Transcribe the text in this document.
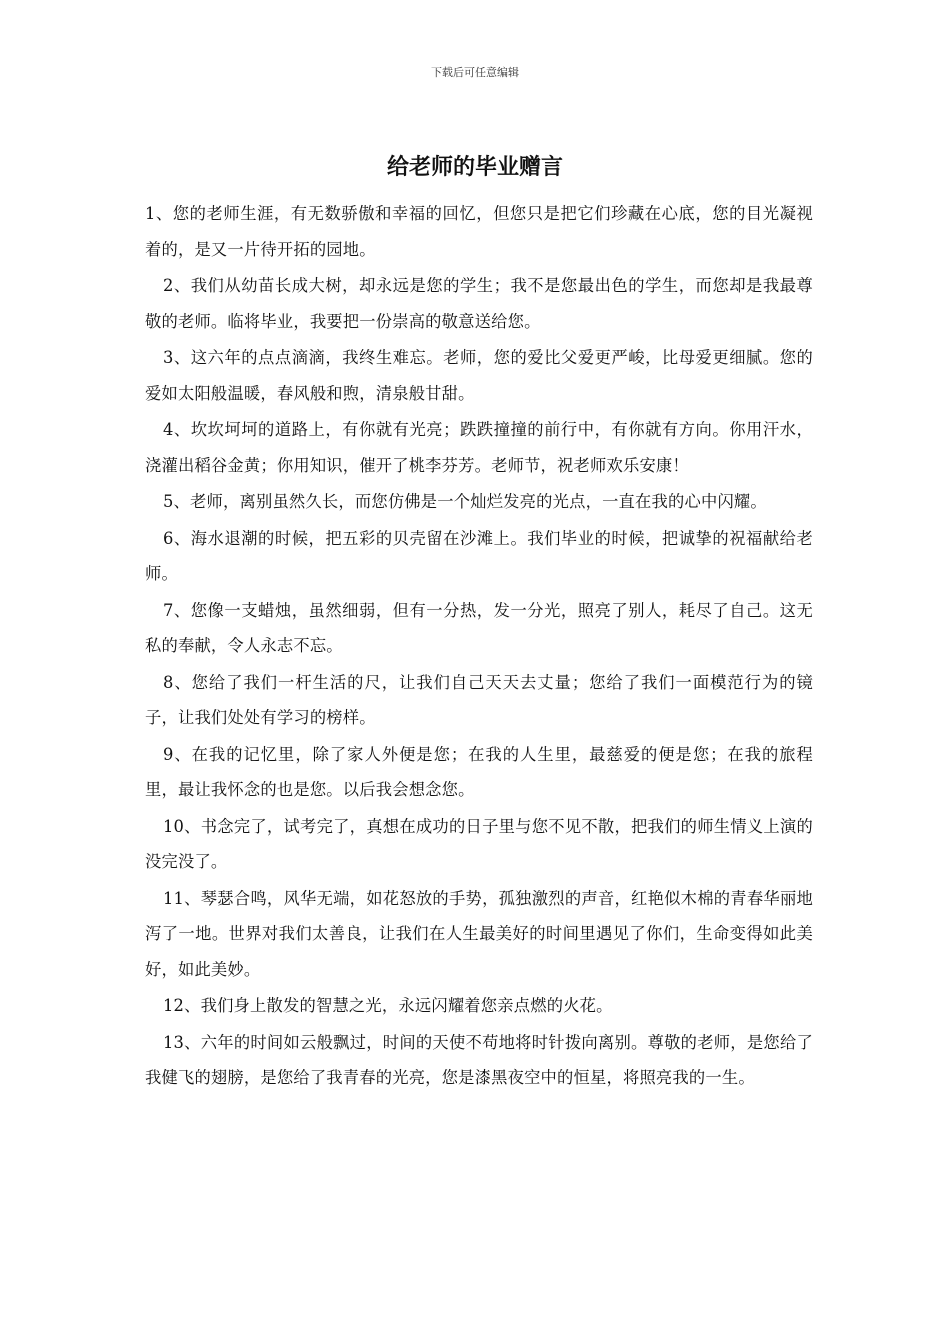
下载后可任意编辑
给老师的毕业赠言

1、您的老师生涯，有无数骄傲和幸福的回忆，但您只是把它们珍藏在心底，您的目光凝视着的，是又一片待开拓的园地。

2、我们从幼苗长成大树，却永远是您的学生；我不是您最出色的学生，而您却是我最尊敬的老师。临将毕业，我要把一份崇高的敬意送给您。

3、这六年的点点滴滴，我终生难忘。老师，您的爱比父爱更严峻，比母爱更细腻。您的爱如太阳般温暖，春风般和煦，清泉般甘甜。

4、坎坎坷坷的道路上，有你就有光亮；跌跌撞撞的前行中，有你就有方向。你用汗水，浇灌出稻谷金黄；你用知识，催开了桃李芬芳。老师节，祝老师欢乐安康！

5、老师，离别虽然久长，而您仿佛是一个灿烂发亮的光点，一直在我的心中闪耀。

6、海水退潮的时候，把五彩的贝壳留在沙滩上。我们毕业的时候，把诚挚的祝福献给老师。

7、您像一支蜡烛，虽然细弱，但有一分热，发一分光，照亮了别人，耗尽了自己。这无私的奉献，令人永志不忘。

8、您给了我们一杆生活的尺，让我们自己天天去丈量；您给了我们一面模范行为的镜子，让我们处处有学习的榜样。

9、在我的记忆里，除了家人外便是您；在我的人生里，最慈爱的便是您；在我的旅程里，最让我怀念的也是您。以后我会想念您。

10、书念完了，试考完了，真想在成功的日子里与您不见不散，把我们的师生情义上演的没完没了。

11、琴瑟合鸣，风华无端，如花怒放的手势，孤独激烈的声音，红艳似木棉的青春华丽地泻了一地。世界对我们太善良，让我们在人生最美好的时间里遇见了你们，生命变得如此美好，如此美妙。

12、我们身上散发的智慧之光，永远闪耀着您亲点燃的火花。

13、六年的时间如云般飘过，时间的天使不苟地将时针拨向离别。尊敬的老师，是您给了我健飞的翅膀，是您给了我青春的光亮，您是漆黑夜空中的恒星，将照亮我的一生。
